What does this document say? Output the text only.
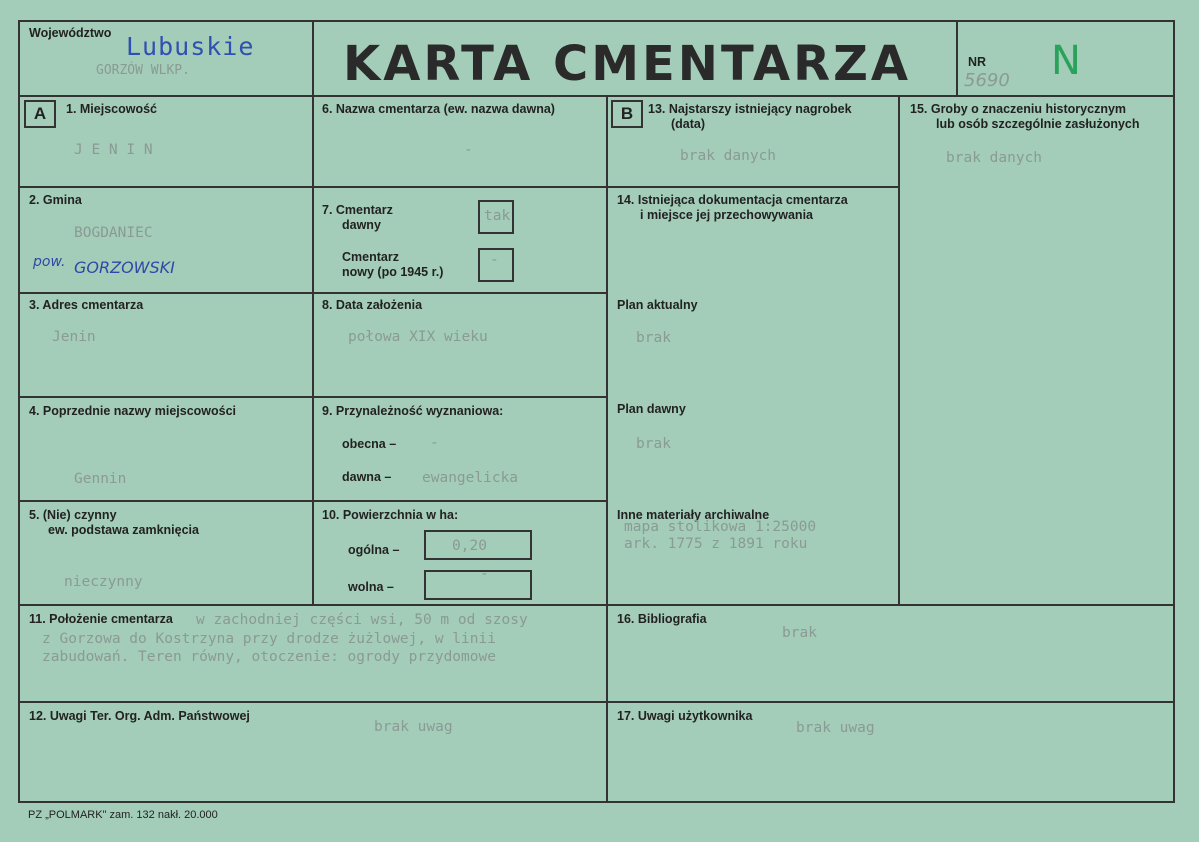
Województwo Lubuskie
GORZÓW WLKP.	KARTA CMENTARZA	NR
5690 N
A	1. Miejscowość
J E N I N
2. Gmina
BOGDANIEC
pow. GORZOWSKI
3. Adres cmentarza
Jenin
4. Poprzednie nazwy miejscowości
Gennin
5. (Nie) czynny
ew. podstawa zamknięcia
nieczynny
6. Nazwa cmentarza (ew. nazwa dawna)
-
7. Cmentarz
dawny
tak
Cmentarz
nowy (po 1945 r.)
-
8. Data założenia
połowa XIX wieku
9. Przynależność wyznaniowa:
obecna – -
dawna – ewangelicka
10. Powierzchnia w ha:
ogólna –	0,20
wolna –
-
B	13. Najstarszy istniejący nagrobek
(data)
brak danych
14. Istniejąca dokumentacja cmentarza
i miejsce jej przechowywania
Plan aktualny
brak
Plan dawny
brak
Inne materiały archiwalne
mapa stolikowa 1:25000
ark. 1775 z 1891 roku
15. Groby o znaczeniu historycznym
lub osób szczególnie zasłużonych
brak danych
11. Położenie cmentarza w zachodniej części wsi, 50 m od szosy
z Gorzowa do Kostrzyna przy drodze żużlowej, w linii
zabudowań. Teren równy, otoczenie: ogrody przydomowe
16. Bibliografia
brak
12. Uwagi Ter. Org. Adm. Państwowej
brak uwag
17. Uwagi użytkownika
brak uwag
PZ „POLMARK" zam. 132 nakł. 20.000
